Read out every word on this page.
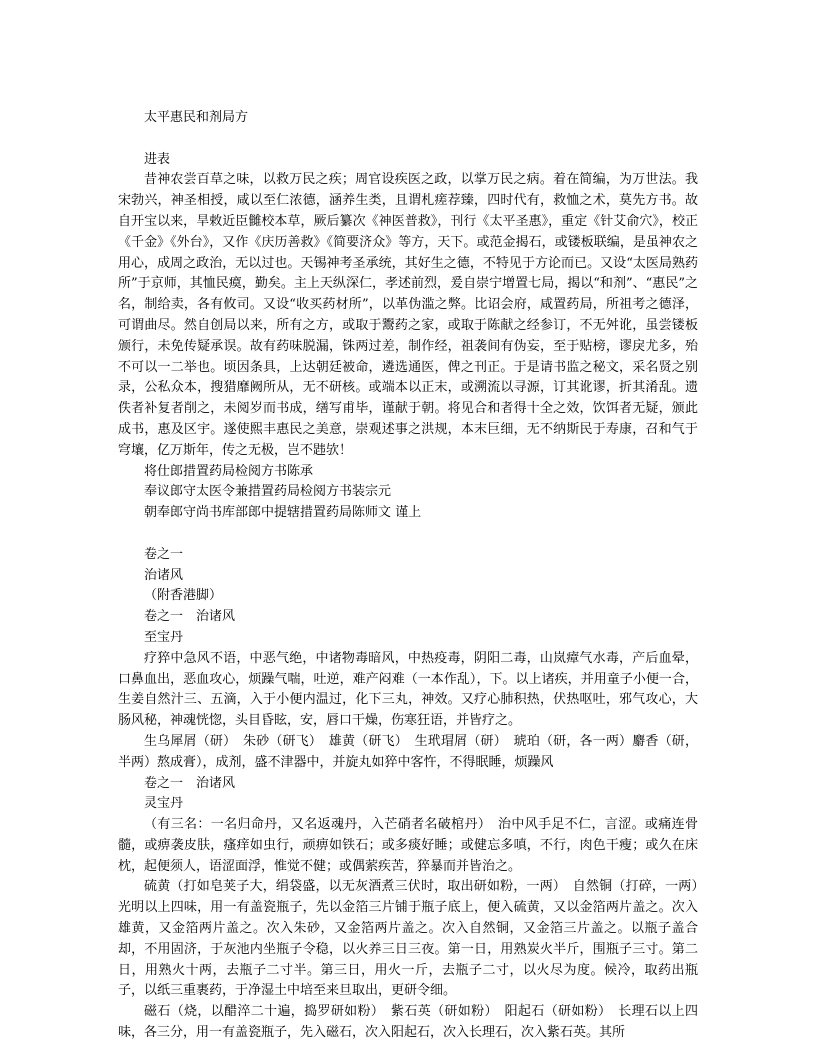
太平惠民和剂局方
进表
昔神农尝百草之味，以救万民之疾；周官设疾医之政，以掌万民之病。着在简编，为万世法。我宋勃兴，神圣相授，咸以至仁浓德，涵养生类，且谓札瘥荐臻，四时代有，救恤之术，莫先方书。故自开宝以来，旱敕近臣雠校本草，厥后纂次《神医普救》，刊行《太平圣惠》，重定《针艾俞穴》，校正《千金》《外台》，又作《庆历善救》《简要济众》等方，天下。或范金揭石，或镂板联编，是虽神农之用心，成周之政治，无以过也。天锡神考圣承统，其好生之德，不特见于方论而已。又设“太医局熟药所”于京师，其恤民瘼，勤矣。主上天纵深仁，孝述前烈，爰自崇宁增置七局，揭以“和剂”、“惠民”之名，制给卖，各有攸司。又设“收买药材所”，以革伪滥之弊。比诏会府，咸置药局，所祖考之德泽，可谓曲尽。然自创局以来，所有之方，或取于鬻药之家，或取于陈献之经参订，不无舛讹，虽尝镂板颁行，未免传疑承误。故有药味脱漏，铢两过差，制作经，祖袭间有伪妄，至于贴榜，谬戾尤多，殆不可以一二举也。顷因条具，上达朝廷被命，遴选通医，俾之刊正。于是请书监之秘文，采名贤之别录，公私众本，搜猎靡阙所从，无不研核。或端本以正末，或溯流以寻源，订其讹谬，折其淆乱。遗佚者补复者削之，未阅岁而书成，缮写甫毕，谨献于朝。将见合和者得十全之效，饮饵者无疑，颁此成书，惠及区宇。遂使熙丰惠民之美意，崇观述事之洪规，本末巨细，无不纳斯民于寿康，召和气于穹壤，亿万斯年，传之无极，岂不韪欤！
将仕郎措置药局检阅方书陈承
奉议郎守太医令兼措置药局检阅方书装宗元
朝奉郎守尚书库部郎中提辖措置药局陈师文 谨上
卷之一
治诸风
（附香港脚）
卷之一　治诸风
至宝丹
疗猝中急风不语，中恶气绝，中诸物毒暗风，中热疫毒，阴阳二毒，山岚瘴气水毒，产后血晕，口鼻血出，恶血攻心，烦躁气喘，吐逆，难产闷难（一本作乱），下。以上诸疾，并用童子小便一合，生姜自然汁三、五滴，入于小便内温过，化下三丸，神效。又疗心肺积热，伏热呕吐，邪气攻心，大肠风秘，神魂恍惚，头目昏眩，安，唇口干燥，伤寒狂语，并皆疗之。
生乌犀屑（研）　朱砂（研飞）　雄黄（研飞）　生玳瑁屑（研）　琥珀（研，各一两）麝香（研，半两）熬成膏），成剂，盛不津器中，并旋丸如猝中客忤，不得眠睡，烦躁风
卷之一　治诸风
灵宝丹
（有三名：一名归命丹，又名返魂丹，入芒硝者名破棺丹）　治中风手足不仁，言涩。或痛连骨髓，或痹袭皮肤，瘙痒如虫行，顽痹如铁石；或多痰好睡；或健忘多嗔，不行，肉色干瘦；或久在床枕，起便须人，语涩面浮，惟觉不健；或偶萦疾苦，猝暴而并皆治之。
硫黄（打如皂荚子大，绢袋盛，以无灰酒煮三伏时，取出研如粉，一两）　自然铜（打碎，一两）　光明以上四味，用一有盖瓷瓶子，先以金箔三片铺于瓶子底上，便入硫黄，又以金箔两片盖之。次入雄黄，又金箔两片盖之。次入朱砂，又金箔两片盖之。次入自然铜，又金箔三片盖之。以瓶子盖合却，不用固济，于灰池内坐瓶子令稳，以火养三日三夜。第一日，用熟炭火半斤，围瓶子三寸。第二日，用熟火十两，去瓶子二寸半。第三日，用火一斤，去瓶子二寸，以火尽为度。候冷，取药出瓶子，以纸三重裹药，于净湿土中培至来旦取出，更研令细。
磁石（烧，以醋淬二十遍，捣罗研如粉）　紫石英（研如粉）　阳起石（研如粉）　长理石以上四味，各三分，用一有盖瓷瓶子，先入磁石，次入阳起石，次入长理石，次入紫石英。其所
